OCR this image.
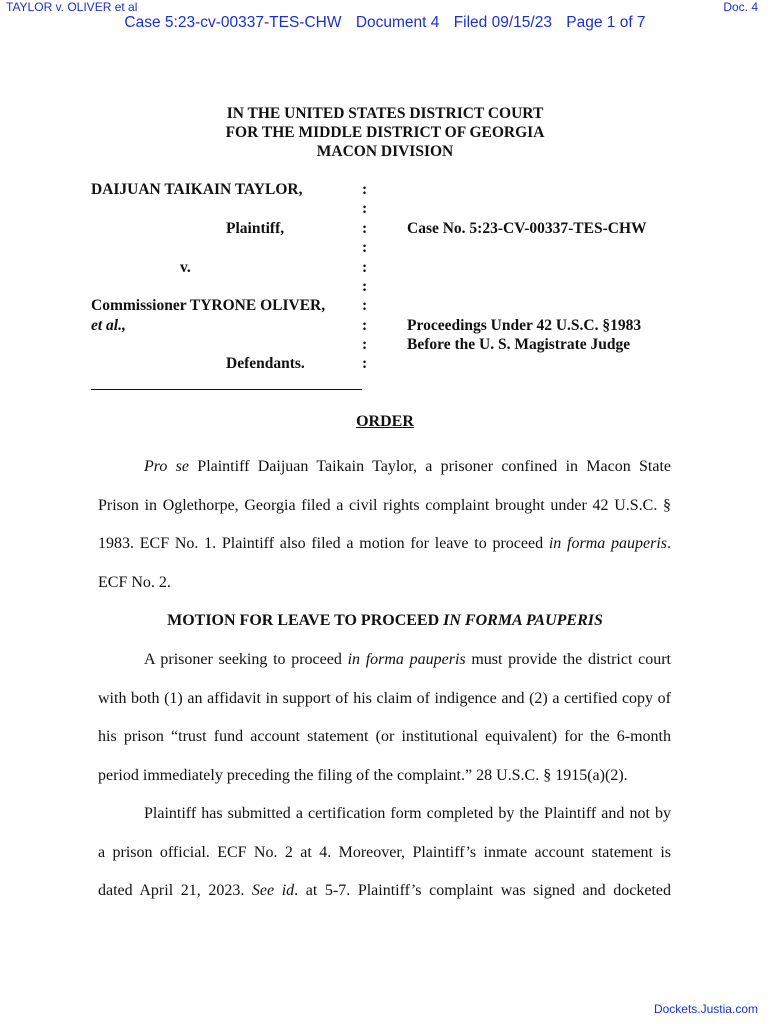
TAYLOR v. OLIVER et al	Doc. 4
Case 5:23-cv-00337-TES-CHW Document 4 Filed 09/15/23 Page 1 of 7
IN THE UNITED STATES DISTRICT COURT
FOR THE MIDDLE DISTRICT OF GEORGIA
MACON DIVISION
DAIJUAN TAIKAIN TAYLOR,
Plaintiff,
v.
Commissioner TYRONE OLIVER,
et al.,
Defendants.
:
:
:
:
:
:
:
:
:
:
Case No. 5:23-CV-00337-TES-CHW
Proceedings Under 42 U.S.C. §1983
Before the U. S. Magistrate Judge
ORDER
Pro se Plaintiff Daijuan Taikain Taylor, a prisoner confined in Macon State
Prison in Oglethorpe, Georgia filed a civil rights complaint brought under 42 U.S.C. §
1983. ECF No. 1. Plaintiff also filed a motion for leave to proceed in forma pauperis.
ECF No. 2.
MOTION FOR LEAVE TO PROCEED IN FORMA PAUPERIS
A prisoner seeking to proceed in forma pauperis must provide the district court
with both (1) an affidavit in support of his claim of indigence and (2) a certified copy of
his prison “trust fund account statement (or institutional equivalent) for the 6-month
period immediately preceding the filing of the complaint.” 28 U.S.C. § 1915(a)(2).
Plaintiff has submitted a certification form completed by the Plaintiff and not by
a prison official. ECF No. 2 at 4. Moreover, Plaintiff’s inmate account statement is
dated April 21, 2023. See id. at 5-7. Plaintiff’s complaint was signed and docketed
Dockets.Justia.com
